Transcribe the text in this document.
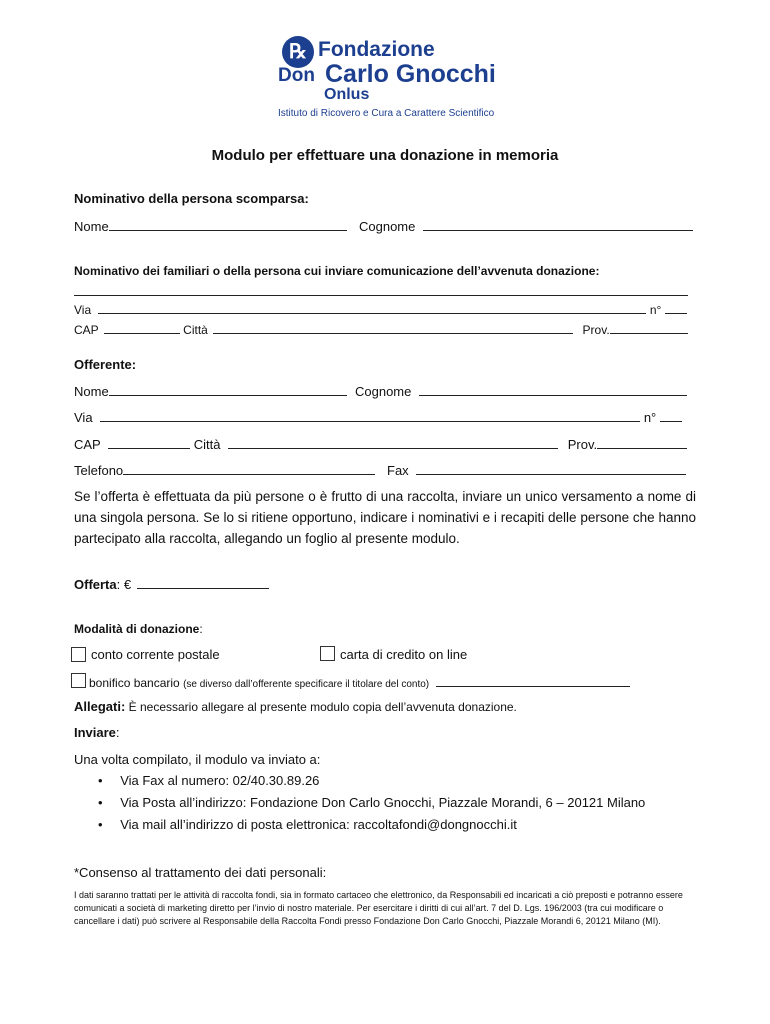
℞ Fondazione
Don Carlo Gnocchi
Onlus
Istituto di Ricovero e Cura a Carattere Scientifico
Modulo per effettuare una donazione in memoria
Nominativo della persona scomparsa:
Nome	Cognome
Nominativo dei familiari o della persona cui inviare comunicazione dell’avvenuta donazione:
Via	n°
CAP	Città	Prov.
Offerente:
Nome	Cognome
Via	n°
CAP	Città	Prov.
Telefono	Fax
Se l’offerta è effettuata da più persone o è frutto di una raccolta, inviare un unico versamento a nome di una singola persona. Se lo si ritiene opportuno, indicare i nominativi e i recapiti delle persone che hanno partecipato alla raccolta, allegando un foglio al presente modulo.
Offerta: €
Modalità di donazione:
conto corrente postale	carta di credito on line
bonifico bancario (se diverso dall’offerente specificare il titolare del conto)
Allegati: È necessario allegare al presente modulo copia dell’avvenuta donazione.
Inviare:
Una volta compilato, il modulo va inviato a:
• Via Fax al numero: 02/40.30.89.26
• Via Posta all’indirizzo: Fondazione Don Carlo Gnocchi, Piazzale Morandi, 6 – 20121 Milano
• Via mail all’indirizzo di posta elettronica: raccoltafondi@dongnocchi.it
*Consenso al trattamento dei dati personali:
I dati saranno trattati per le attività di raccolta fondi, sia in formato cartaceo che elettronico, da Responsabili ed incaricati a ciò preposti e potranno essere comunicati a società di marketing diretto per l’invio di nostro materiale. Per esercitare i diritti di cui all’art. 7 del D. Lgs. 196/2003 (tra cui modificare o cancellare i dati) può scrivere al Responsabile della Raccolta Fondi presso Fondazione Don Carlo Gnocchi, Piazzale Morandi 6, 20121 Milano (MI).
